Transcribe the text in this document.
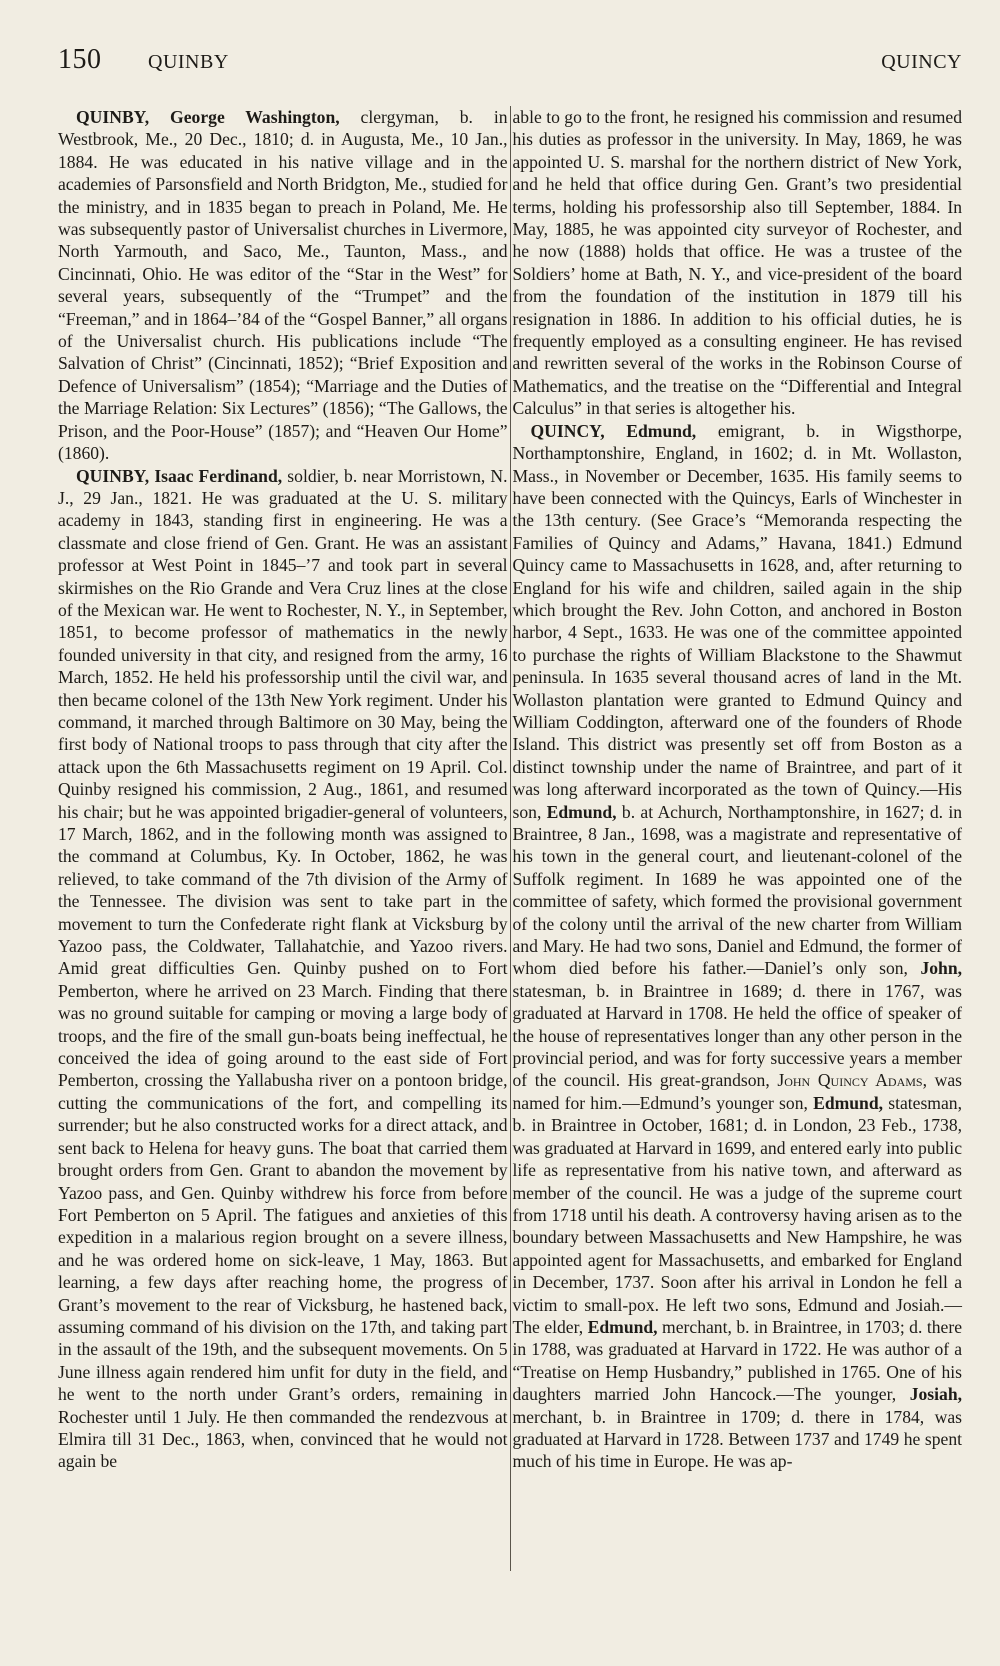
150	QUINBY	QUINCY

QUINBY, George Washington, clergyman, b. in Westbrook, Me., 20 Dec., 1810; d. in Augusta, Me., 10 Jan., 1884. He was educated in his native village and in the academies of Parsonsfield and North Bridgton, Me., studied for the ministry, and in 1835 began to preach in Poland, Me. He was subsequently pastor of Universalist churches in Livermore, North Yarmouth, and Saco, Me., Taunton, Mass., and Cincinnati, Ohio. He was editor of the “Star in the West” for several years, subsequently of the “Trumpet” and the “Freeman,” and in 1864–’84 of the “Gospel Banner,” all organs of the Universalist church. His publications include “The Salvation of Christ” (Cincinnati, 1852); “Brief Exposition and Defence of Universalism” (1854); “Marriage and the Duties of the Marriage Relation: Six Lectures” (1856); “The Gallows, the Prison, and the Poor-House” (1857); and “Heaven Our Home” (1860).

QUINBY, Isaac Ferdinand, soldier, b. near Morristown, N. J., 29 Jan., 1821. He was graduated at the U. S. military academy in 1843, standing first in engineering. He was a classmate and close friend of Gen. Grant. He was an assistant professor at West Point in 1845–’7 and took part in several skirmishes on the Rio Grande and Vera Cruz lines at the close of the Mexican war. He went to Rochester, N. Y., in September, 1851, to become professor of mathematics in the newly founded university in that city, and resigned from the army, 16 March, 1852. He held his professorship until the civil war, and then became colonel of the 13th New York regiment. Under his command, it marched through Baltimore on 30 May, being the first body of National troops to pass through that city after the attack upon the 6th Massachusetts regiment on 19 April. Col. Quinby resigned his commission, 2 Aug., 1861, and resumed his chair; but he was appointed brigadier-general of volunteers, 17 March, 1862, and in the following month was assigned to the command at Columbus, Ky. In October, 1862, he was relieved, to take command of the 7th division of the Army of the Tennessee. The division was sent to take part in the movement to turn the Confederate right flank at Vicksburg by Yazoo pass, the Coldwater, Tallahatchie, and Yazoo rivers. Amid great difficulties Gen. Quinby pushed on to Fort Pemberton, where he arrived on 23 March. Finding that there was no ground suitable for camping or moving a large body of troops, and the fire of the small gun-boats being ineffectual, he conceived the idea of going around to the east side of Fort Pemberton, crossing the Yallabusha river on a pontoon bridge, cutting the communications of the fort, and compelling its surrender; but he also constructed works for a direct attack, and sent back to Helena for heavy guns. The boat that carried them brought orders from Gen. Grant to abandon the movement by Yazoo pass, and Gen. Quinby withdrew his force from before Fort Pemberton on 5 April. The fatigues and anxieties of this expedition in a malarious region brought on a severe illness, and he was ordered home on sick-leave, 1 May, 1863. But learning, a few days after reaching home, the progress of Grant’s movement to the rear of Vicksburg, he hastened back, assuming command of his division on the 17th, and taking part in the assault of the 19th, and the subsequent movements. On 5 June illness again rendered him unfit for duty in the field, and he went to the north under Grant’s orders, remaining in Rochester until 1 July. He then commanded the rendezvous at Elmira till 31 Dec., 1863, when, convinced that he would not again be

able to go to the front, he resigned his commission and resumed his duties as professor in the university. In May, 1869, he was appointed U. S. marshal for the northern district of New York, and he held that office during Gen. Grant’s two presidential terms, holding his professorship also till September, 1884. In May, 1885, he was appointed city surveyor of Rochester, and he now (1888) holds that office. He was a trustee of the Soldiers’ home at Bath, N. Y., and vice-president of the board from the foundation of the institution in 1879 till his resignation in 1886. In addition to his official duties, he is frequently employed as a consulting engineer. He has revised and rewritten several of the works in the Robinson Course of Mathematics, and the treatise on the “Differential and Integral Calculus” in that series is altogether his.

QUINCY, Edmund, emigrant, b. in Wigsthorpe, Northamptonshire, England, in 1602; d. in Mt. Wollaston, Mass., in November or December, 1635. His family seems to have been connected with the Quincys, Earls of Winchester in the 13th century. (See Grace’s “Memoranda respecting the Families of Quincy and Adams,” Havana, 1841.) Edmund Quincy came to Massachusetts in 1628, and, after returning to England for his wife and children, sailed again in the ship which brought the Rev. John Cotton, and anchored in Boston harbor, 4 Sept., 1633. He was one of the committee appointed to purchase the rights of William Blackstone to the Shawmut peninsula. In 1635 several thousand acres of land in the Mt. Wollaston plantation were granted to Edmund Quincy and William Coddington, afterward one of the founders of Rhode Island. This district was presently set off from Boston as a distinct township under the name of Braintree, and part of it was long afterward incorporated as the town of Quincy.—His son, Edmund, b. at Achurch, Northamptonshire, in 1627; d. in Braintree, 8 Jan., 1698, was a magistrate and representative of his town in the general court, and lieutenant-colonel of the Suffolk regiment. In 1689 he was appointed one of the committee of safety, which formed the provisional government of the colony until the arrival of the new charter from William and Mary. He had two sons, Daniel and Edmund, the former of whom died before his father.—Daniel’s only son, John, statesman, b. in Braintree in 1689; d. there in 1767, was graduated at Harvard in 1708. He held the office of speaker of the house of representatives longer than any other person in the provincial period, and was for forty successive years a member of the council. His great-grandson, John Quincy Adams, was named for him.—Edmund’s younger son, Edmund, statesman, b. in Braintree in October, 1681; d. in London, 23 Feb., 1738, was graduated at Harvard in 1699, and entered early into public life as representative from his native town, and afterward as member of the council. He was a judge of the supreme court from 1718 until his death. A controversy having arisen as to the boundary between Massachusetts and New Hampshire, he was appointed agent for Massachusetts, and embarked for England in December, 1737. Soon after his arrival in London he fell a victim to small-pox. He left two sons, Edmund and Josiah.—The elder, Edmund, merchant, b. in Braintree, in 1703; d. there in 1788, was graduated at Harvard in 1722. He was author of a “Treatise on Hemp Husbandry,” published in 1765. One of his daughters married John Hancock.—The younger, Josiah, merchant, b. in Braintree in 1709; d. there in 1784, was graduated at Harvard in 1728. Between 1737 and 1749 he spent much of his time in Europe. He was ap-
